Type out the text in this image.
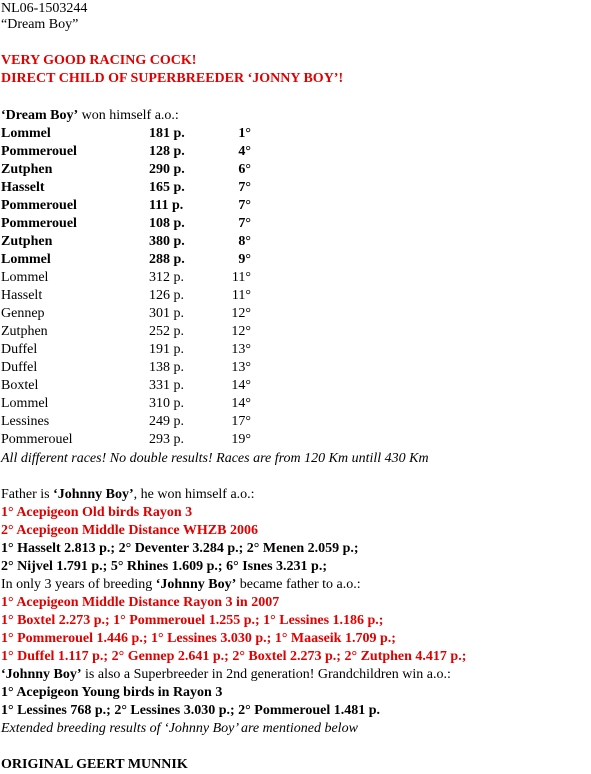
NL06-1503244
“Dream Boy”
VERY GOOD RACING COCK!
DIRECT CHILD OF SUPERBREEDER ‘JONNY BOY’!
‘Dream Boy’ won himself a.o.:
Lommel	181 p.	1°
Pommerouel	128 p.	4°
Zutphen	290 p.	6°
Hasselt	165 p.	7°
Pommerouel	111 p.	7°
Pommerouel	108 p.	7°
Zutphen	380 p.	8°
Lommel	288 p.	9°
Lommel	312 p.	11°
Hasselt	126 p.	11°
Gennep	301 p.	12°
Zutphen	252 p.	12°
Duffel	191 p.	13°
Duffel	138 p.	13°
Boxtel	331 p.	14°
Lommel	310 p.	14°
Lessines	249 p.	17°
Pommerouel	293 p.	19°
All different races! No double results! Races are from 120 Km untill 430 Km
Father is ‘Johnny Boy’, he won himself a.o.:
1° Acepigeon Old birds Rayon 3
2° Acepigeon Middle Distance WHZB 2006
1° Hasselt 2.813 p.; 2° Deventer 3.284 p.; 2° Menen 2.059 p.;
2° Nijvel 1.791 p.; 5° Rhines 1.609 p.; 6° Isnes 3.231 p.;
In only 3 years of breeding ‘Johnny Boy’ became father to a.o.:
1° Acepigeon Middle Distance Rayon 3 in 2007
1° Boxtel 2.273 p.; 1° Pommerouel 1.255 p.; 1° Lessines 1.186 p.;
1° Pommerouel 1.446 p.; 1° Lessines 3.030 p.; 1° Maaseik 1.709 p.;
1° Duffel 1.117 p.; 2° Gennep 2.641 p.; 2° Boxtel 2.273 p.; 2° Zutphen 4.417 p.;
‘Johnny Boy’ is also a Superbreeder in 2nd generation! Grandchildren win a.o.:
1° Acepigeon Young birds in Rayon 3
1° Lessines 768 p.; 2° Lessines 3.030 p.; 2° Pommerouel 1.481 p.
Extended breeding results of ‘Johnny Boy’ are mentioned below
ORIGINAL GEERT MUNNIK
